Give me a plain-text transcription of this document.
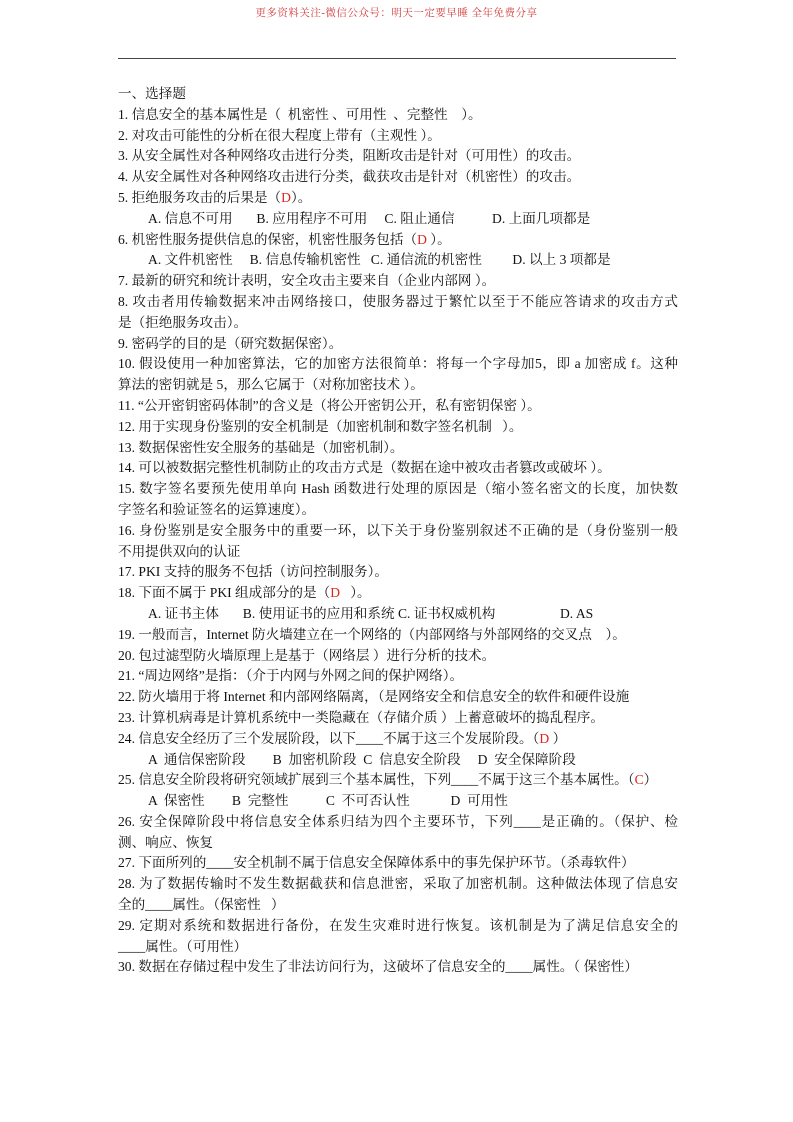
更多资料关注-微信公众号：明天一定要早睡 全年免费分享
一、选择题
1. 信息安全的基本属性是（  机密性 、可用性  、完整性    ）。
2. 对攻击可能性的分析在很大程度上带有（主观性 ）。
3. 从安全属性对各种网络攻击进行分类，阻断攻击是针对（可用性）的攻击。
4. 从安全属性对各种网络攻击进行分类，截获攻击是针对（机密性）的攻击。
5. 拒绝服务攻击的后果是（D）。
A. 信息不可用       B. 应用程序不可用     C. 阻止通信           D. 上面几项都是
6. 机密性服务提供信息的保密，机密性服务包括（D ）。
A. 文件机密性     B. 信息传输机密性   C. 通信流的机密性         D. 以上 3 项都是
7. 最新的研究和统计表明，安全攻击主要来自（企业内部网 ）。
8. 攻击者用传输数据来冲击网络接口，使服务器过于繁忙以至于不能应答请求的攻击方式
是（拒绝服务攻击）。
9. 密码学的目的是（研究数据保密）。
10. 假设使用一种加密算法，它的加密方法很简单：将每一个字母加5，即 a 加密成 f。这种
算法的密钥就是 5，那么它属于（对称加密技术 ）。
11. “公开密钥密码体制”的含义是（将公开密钥公开，私有密钥保密 ）。
12. 用于实现身份鉴别的安全机制是（加密机制和数字签名机制   ）。
13. 数据保密性安全服务的基础是（加密机制）。
14. 可以被数据完整性机制防止的攻击方式是（数据在途中被攻击者篡改或破坏 ）。
15. 数字签名要预先使用单向 Hash 函数进行处理的原因是（缩小签名密文的长度，加快数
字签名和验证签名的运算速度）。
16. 身份鉴别是安全服务中的重要一环，以下关于身份鉴别叙述不正确的是（身份鉴别一般
不用提供双向的认证
17. PKI 支持的服务不包括（访问控制服务）。
18. 下面不属于 PKI 组成部分的是（D   ）。
A. 证书主体       B. 使用证书的应用和系统 C. 证书权威机构                   D. AS
19. 一般而言，Internet 防火墙建立在一个网络的（内部网络与外部网络的交叉点    ）。
20. 包过滤型防火墙原理上是基于（网络层 ）进行分析的技术。
21. “周边网络”是指：（介于内网与外网之间的保护网络）。
22. 防火墙用于将 Internet 和内部网络隔离，（是网络安全和信息安全的软件和硬件设施
23. 计算机病毒是计算机系统中一类隐藏在（存储介质 ）上蓄意破坏的捣乱程序。
24. 信息安全经历了三个发展阶段，以下____不属于这三个发展阶段。（D ）
A  通信保密阶段        B  加密机阶段  C  信息安全阶段     D  安全保障阶段
25. 信息安全阶段将研究领域扩展到三个基本属性，下列____不属于这三个基本属性。（C）
A  保密性        B  完整性           C  不可否认性            D  可用性
26. 安全保障阶段中将信息安全体系归结为四个主要环节，下列____是正确的。（保护、检
测、响应、恢复
27. 下面所列的____安全机制不属于信息安全保障体系中的事先保护环节。（杀毒软件）
28. 为了数据传输时不发生数据截获和信息泄密，采取了加密机制。这种做法体现了信息安
全的____属性。（保密性   ）
29. 定期对系统和数据进行备份，在发生灾难时进行恢复。该机制是为了满足信息安全的
____属性。（可用性）
30. 数据在存储过程中发生了非法访问行为，这破坏了信息安全的____属性。（ 保密性）
